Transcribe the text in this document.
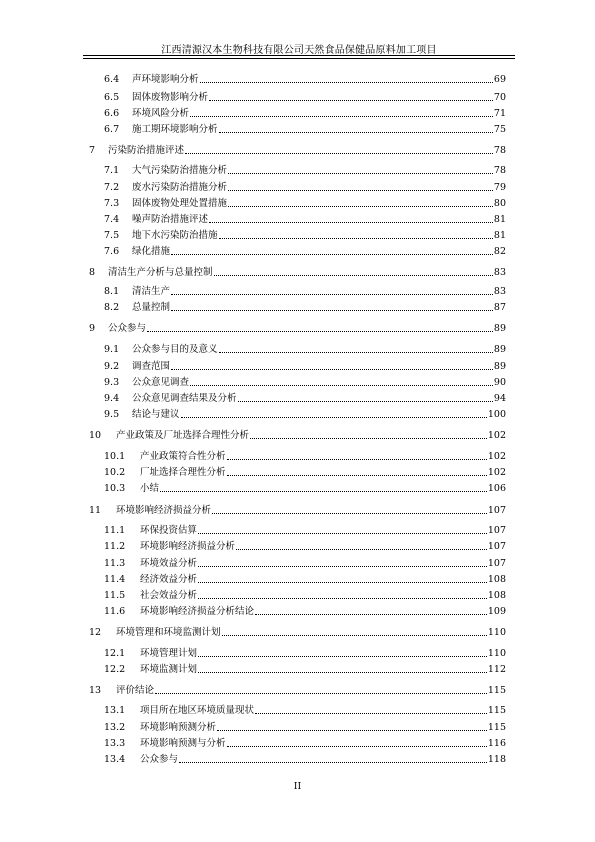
江西清源汉本生物科技有限公司天然食品保健品原料加工项目
6.4 声环境影响分析	69
6.5 固体废物影响分析	70
6.6 环境风险分析	71
6.7 施工期环境影响分析	75
7 污染防治措施评述	78
7.1 大气污染防治措施分析	78
7.2 废水污染防治措施分析	79
7.3 固体废物处理处置措施	80
7.4 噪声防治措施评述	81
7.5 地下水污染防治措施	81
7.6 绿化措施	82
8 清洁生产分析与总量控制	83
8.1 清洁生产	83
8.2 总量控制	87
9 公众参与	89
9.1 公众参与目的及意义	89
9.2 调查范围	89
9.3 公众意见调查	90
9.4 公众意见调查结果及分析	94
9.5 结论与建议	100
10 产业政策及厂址选择合理性分析	102
10.1 产业政策符合性分析	102
10.2 厂址选择合理性分析	102
10.3 小结	106
11 环境影响经济损益分析	107
11.1 环保投资估算	107
11.2 环境影响经济损益分析	107
11.3 环境效益分析	107
11.4 经济效益分析	108
11.5 社会效益分析	108
11.6 环境影响经济损益分析结论	109
12 环境管理和环境监测计划	110
12.1 环境管理计划	110
12.2 环境监测计划	112
13 评价结论	115
13.1 项目所在地区环境质量现状	115
13.2 环境影响预测分析	115
13.3 环境影响预测与分析	116
13.4 公众参与	118
II
